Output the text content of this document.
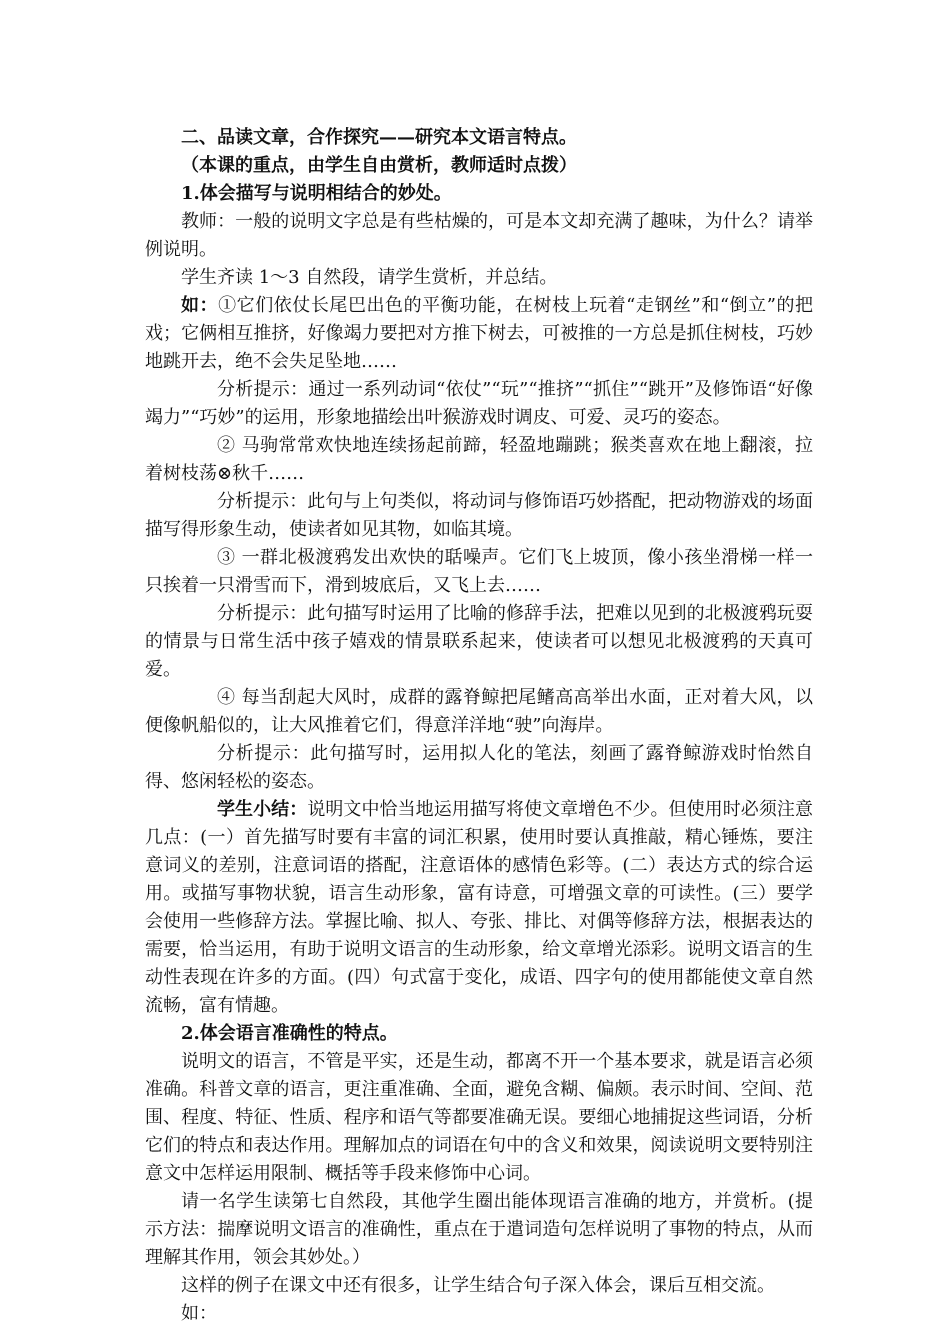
二、品读文章，合作探究——研究本文语言特点。

（本课的重点，由学生自由赏析，教师适时点拨）

1.体会描写与说明相结合的妙处。

教师：一般的说明文字总是有些枯燥的，可是本文却充满了趣味，为什么？请举例说明。

学生齐读 1～3 自然段，请学生赏析，并总结。

如：①它们依仗长尾巴出色的平衡功能，在树枝上玩着“走钢丝”和“倒立”的把戏；它俩相互推挤，好像竭力要把对方推下树去，可被推的一方总是抓住树枝，巧妙地跳开去，绝不会失足坠地……

分析提示：通过一系列动词“依仗”“玩”“推挤”“抓住”“跳开”及修饰语“好像竭力”“巧妙”的运用，形象地描绘出叶猴游戏时调皮、可爱、灵巧的姿态。

② 马驹常常欢快地连续扬起前蹄，轻盈地蹦跳；猴类喜欢在地上翻滚，拉着树枝荡⊗秋千……

分析提示：此句与上句类似，将动词与修饰语巧妙搭配，把动物游戏的场面描写得形象生动，使读者如见其物，如临其境。

③ 一群北极渡鸦发出欢快的聒噪声。它们飞上坡顶，像小孩坐滑梯一样一只挨着一只滑雪而下，滑到坡底后，又飞上去……

分析提示：此句描写时运用了比喻的修辞手法，把难以见到的北极渡鸦玩耍的情景与日常生活中孩子嬉戏的情景联系起来，使读者可以想见北极渡鸦的天真可爱。

④ 每当刮起大风时，成群的露脊鲸把尾鳍高高举出水面，正对着大风，以便像帆船似的，让大风推着它们，得意洋洋地“驶”向海岸。

分析提示：此句描写时，运用拟人化的笔法，刻画了露脊鲸游戏时怡然自得、悠闲轻松的姿态。

学生小结：说明文中恰当地运用描写将使文章增色不少。但使用时必须注意几点：(一）首先描写时要有丰富的词汇积累，使用时要认真推敲，精心锤炼，要注意词义的差别，注意词语的搭配，注意语体的感情色彩等。(二）表达方式的综合运用。或描写事物状貌，语言生动形象，富有诗意，可增强文章的可读性。(三）要学会使用一些修辞方法。掌握比喻、拟人、夸张、排比、对偶等修辞方法，根据表达的需要，恰当运用，有助于说明文语言的生动形象，给文章增光添彩。说明文语言的生动性表现在许多的方面。(四）句式富于变化，成语、四字句的使用都能使文章自然流畅，富有情趣。

2.体会语言准确性的特点。

说明文的语言，不管是平实，还是生动，都离不开一个基本要求，就是语言必须准确。科普文章的语言，更注重准确、全面，避免含糊、偏颇。表示时间、空间、范围、程度、特征、性质、程序和语气等都要准确无误。要细心地捕捉这些词语，分析它们的特点和表达作用。理解加点的词语在句中的含义和效果，阅读说明文要特别注意文中怎样运用限制、概括等手段来修饰中心词。

请一名学生读第七自然段，其他学生圈出能体现语言准确的地方，并赏析。(提示方法：揣摩说明文语言的准确性，重点在于遣词造句怎样说明了事物的特点，从而理解其作用，领会其妙处。）

这样的例子在课文中还有很多，让学生结合句子深入体会，课后互相交流。

如：
